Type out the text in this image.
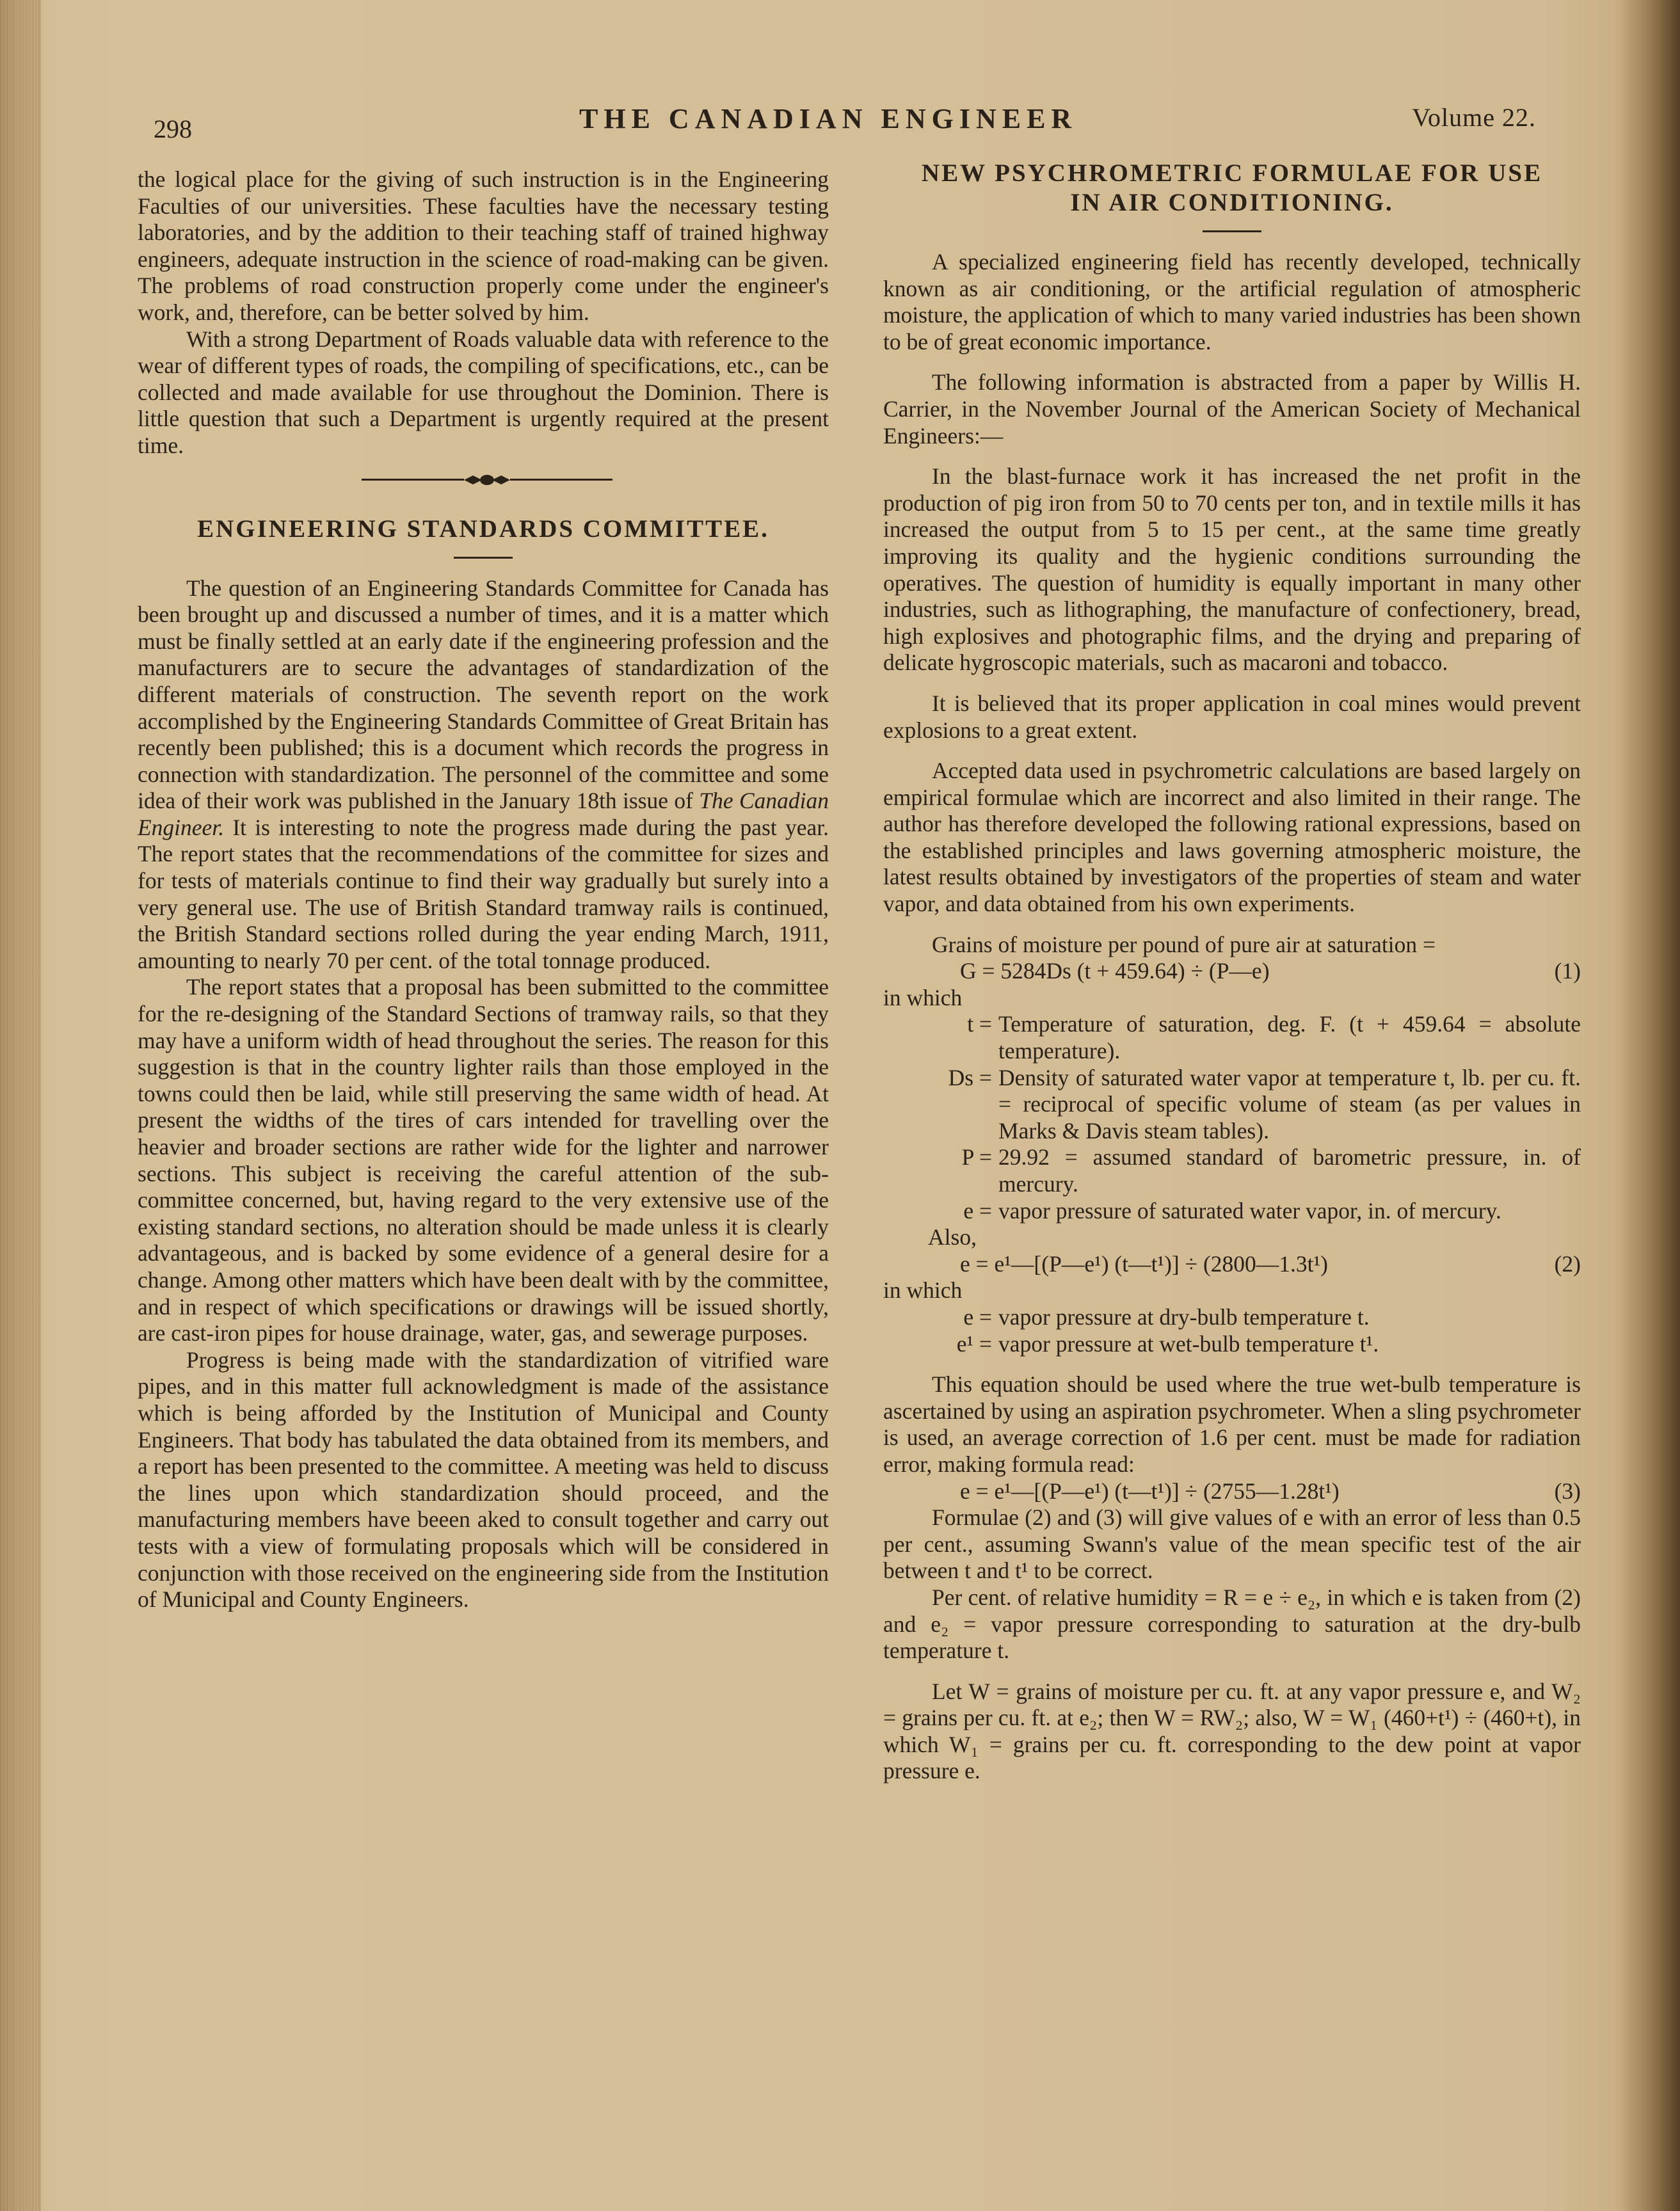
298	THE CANADIAN ENGINEER	Volume 22.

the logical place for the giving of such instruction is in the Engineering Faculties of our universities. These faculties have the necessary testing laboratories, and by the addition to their teaching staff of trained highway engineers, adequate instruction in the science of road-making can be given. The problems of road construction properly come under the engineer's work, and, therefore, can be better solved by him.

With a strong Department of Roads valuable data with reference to the wear of different types of roads, the compiling of specifications, etc., can be collected and made available for use throughout the Dominion. There is little question that such a Department is urgently required at the present time.

ENGINEERING STANDARDS COMMITTEE.

The question of an Engineering Standards Committee for Canada has been brought up and discussed a number of times, and it is a matter which must be finally settled at an early date if the engineering profession and the manufacturers are to secure the advantages of standardization of the different materials of construction. The seventh report on the work accomplished by the Engineering Standards Committee of Great Britain has recently been published; this is a document which records the progress in connection with standardization. The personnel of the committee and some idea of their work was published in the January 18th issue of The Canadian Engineer. It is interesting to note the progress made during the past year. The report states that the recommendations of the committee for sizes and for tests of materials continue to find their way gradually but surely into a very general use. The use of British Standard tramway rails is continued, the British Standard sections rolled during the year ending March, 1911, amounting to nearly 70 per cent. of the total tonnage produced.

The report states that a proposal has been submitted to the committee for the re-designing of the Standard Sections of tramway rails, so that they may have a uniform width of head throughout the series. The reason for this suggestion is that in the country lighter rails than those employed in the towns could then be laid, while still preserving the same width of head. At present the widths of the tires of cars intended for travelling over the heavier and broader sections are rather wide for the lighter and narrower sections. This subject is receiving the careful attention of the sub-committee concerned, but, having regard to the very extensive use of the existing standard sections, no alteration should be made unless it is clearly advantageous, and is backed by some evidence of a general desire for a change. Among other matters which have been dealt with by the committee, and in respect of which specifications or drawings will be issued shortly, are cast-iron pipes for house drainage, water, gas, and sewerage purposes.

Progress is being made with the standardization of vitrified ware pipes, and in this matter full acknowledgment is made of the assistance which is being afforded by the Institution of Municipal and County Engineers. That body has tabulated the data obtained from its members, and a report has been presented to the committee. A meeting was held to discuss the lines upon which standardization should proceed, and the manufacturing members have beeen aked to consult together and carry out tests with a view of formulating proposals which will be considered in conjunction with those received on the engineering side from the Institution of Municipal and County Engineers.

NEW PSYCHROMETRIC FORMULAE FOR USE
IN AIR CONDITIONING.

A specialized engineering field has recently developed, technically known as air conditioning, or the artificial regulation of atmospheric moisture, the application of which to many varied industries has been shown to be of great economic importance.

The following information is abstracted from a paper by Willis H. Carrier, in the November Journal of the American Society of Mechanical Engineers:—

In the blast-furnace work it has increased the net profit in the production of pig iron from 50 to 70 cents per ton, and in textile mills it has increased the output from 5 to 15 per cent., at the same time greatly improving its quality and the hygienic conditions surrounding the operatives. The question of humidity is equally important in many other industries, such as lithographing, the manufacture of confectionery, bread, high explosives and photographic films, and the drying and preparing of delicate hygroscopic materials, such as macaroni and tobacco.

It is believed that its proper application in coal mines would prevent explosions to a great extent.

Accepted data used in psychrometric calculations are based largely on empirical formulae which are incorrect and also limited in their range. The author has therefore developed the following rational expressions, based on the established principles and laws governing atmospheric moisture, the latest results obtained by investigators of the properties of steam and water vapor, and data obtained from his own experiments.

Grains of moisture per pound of pure air at saturation =

G = 5284Ds (t + 459.64) ÷ (P—e)	(1)

in which

t = Temperature of saturation, deg. F. (t + 459.64 = absolute temperature).
Ds = Density of saturated water vapor at temperature t, lb. per cu. ft. = reciprocal of specific volume of steam (as per values in Marks & Davis steam tables).
P = 29.92 = assumed standard of barometric pressure, in. of mercury.
e = vapor pressure of saturated water vapor, in. of mercury.

Also,

e = e¹—[(P—e¹) (t—t¹)] ÷ (2800—1.3t¹)	(2)

in which

e = vapor pressure at dry-bulb temperature t.
e¹ = vapor pressure at wet-bulb temperature t¹.

This equation should be used where the true wet-bulb temperature is ascertained by using an aspiration psychrometer. When a sling psychrometer is used, an average correction of 1.6 per cent. must be made for radiation error, making formula read:

e = e¹—[(P—e¹) (t—t¹)] ÷ (2755—1.28t¹)	(3)

Formulae (2) and (3) will give values of e with an error of less than 0.5 per cent., assuming Swann's value of the mean specific test of the air between t and t¹ to be correct.

Per cent. of relative humidity = R = e ÷ e₂, in which e is taken from (2) and e₂ = vapor pressure corresponding to saturation at the dry-bulb temperature t.

Let W = grains of moisture per cu. ft. at any vapor pressure e, and W₂ = grains per cu. ft. at e₂; then W = RW₂; also, W = W₁ (460+t¹) ÷ (460+t), in which W₁ = grains per cu. ft. corresponding to the dew point at vapor pressure e.
